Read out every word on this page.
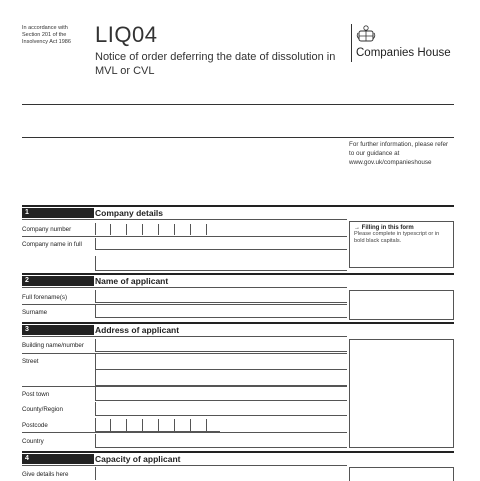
In accordance with Section 201 of the Insolvency Act 1986	LIQ04
Notice of order deferring the date of dissolution in MVL or CVL
Companies House
For further information, please refer to our guidance at www.gov.uk/companieshouse
1	Company details
Company number
Company name in full
→ Filling in this form
Please complete in typescript or in bold black capitals.
2	Name of applicant
Full forename(s)
Surname
3	Address of applicant
Building name/number
Street
Post town
County/Region
Postcode
Country
4	Capacity of applicant
Give details here
